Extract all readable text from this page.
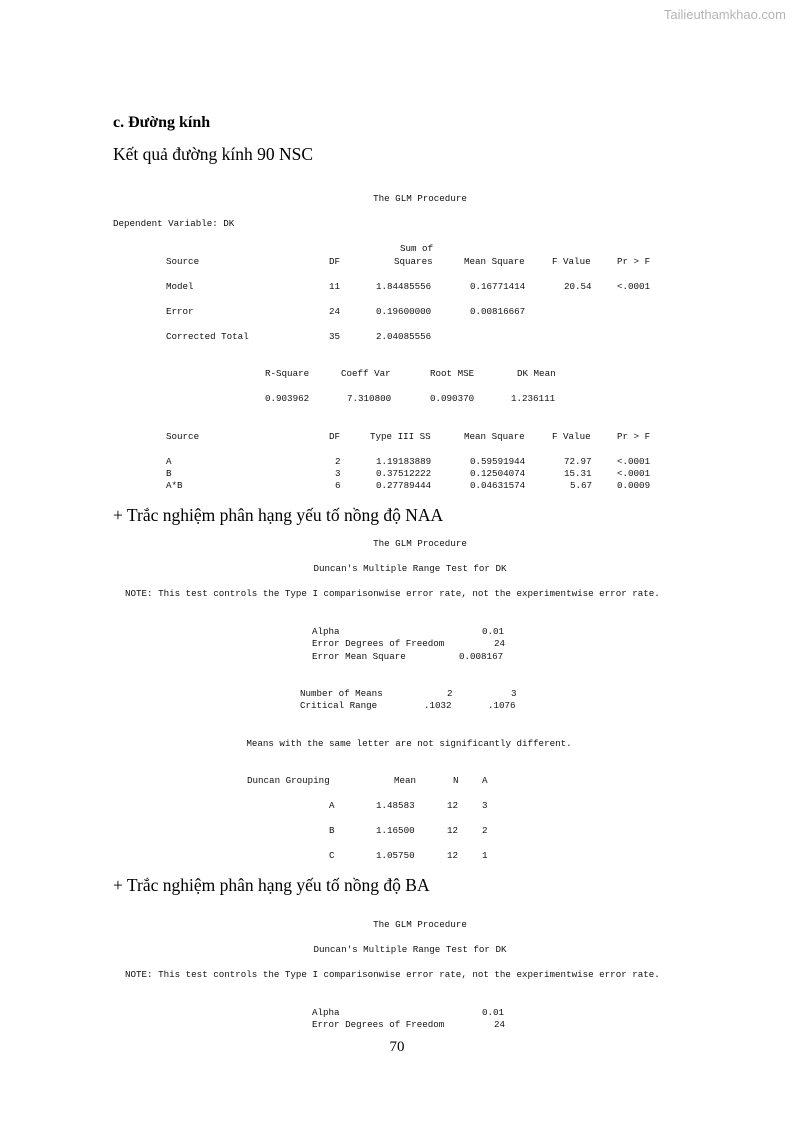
Tailieuthamkhao.com
c. Đường kính
Kết quả đường kính 90 NSC
The GLM Procedure
Dependent Variable: DK
Sum of
Source	DF	Squares	Mean Square	F Value	Pr > F
Model	11	1.84485556	0.16771414	20.54	<.0001
Error	24	0.19600000	0.00816667
Corrected Total	35	2.04085556
R-Square	Coeff Var	Root MSE	DK Mean
0.903962	7.310800	0.090370	1.236111
Source	DF	Type III SS	Mean Square	F Value	Pr > F
A	2	1.19183889	0.59591944	72.97	<.0001
B	3	0.37512222	0.12504074	15.31	<.0001
A*B	6	0.27789444	0.04631574	5.67	0.0009
+ Trắc nghiệm phân hạng yếu tố nồng độ NAA
The GLM Procedure
Duncan's Multiple Range Test for DK
NOTE: This test controls the Type I comparisonwise error rate, not the experimentwise error rate.
Alpha	0.01
Error Degrees of Freedom	24
Error Mean Square	0.008167
Number of Means	2	3
Critical Range	.1032	.1076
Means with the same letter are not significantly different.
Duncan Grouping	Mean	N	A
A	1.48583	12	3
B	1.16500	12	2
C	1.05750	12	1
+ Trắc nghiệm phân hạng yếu tố nồng độ BA
The GLM Procedure
Duncan's Multiple Range Test for DK
NOTE: This test controls the Type I comparisonwise error rate, not the experimentwise error rate.
Alpha	0.01
Error Degrees of Freedom	24
70
